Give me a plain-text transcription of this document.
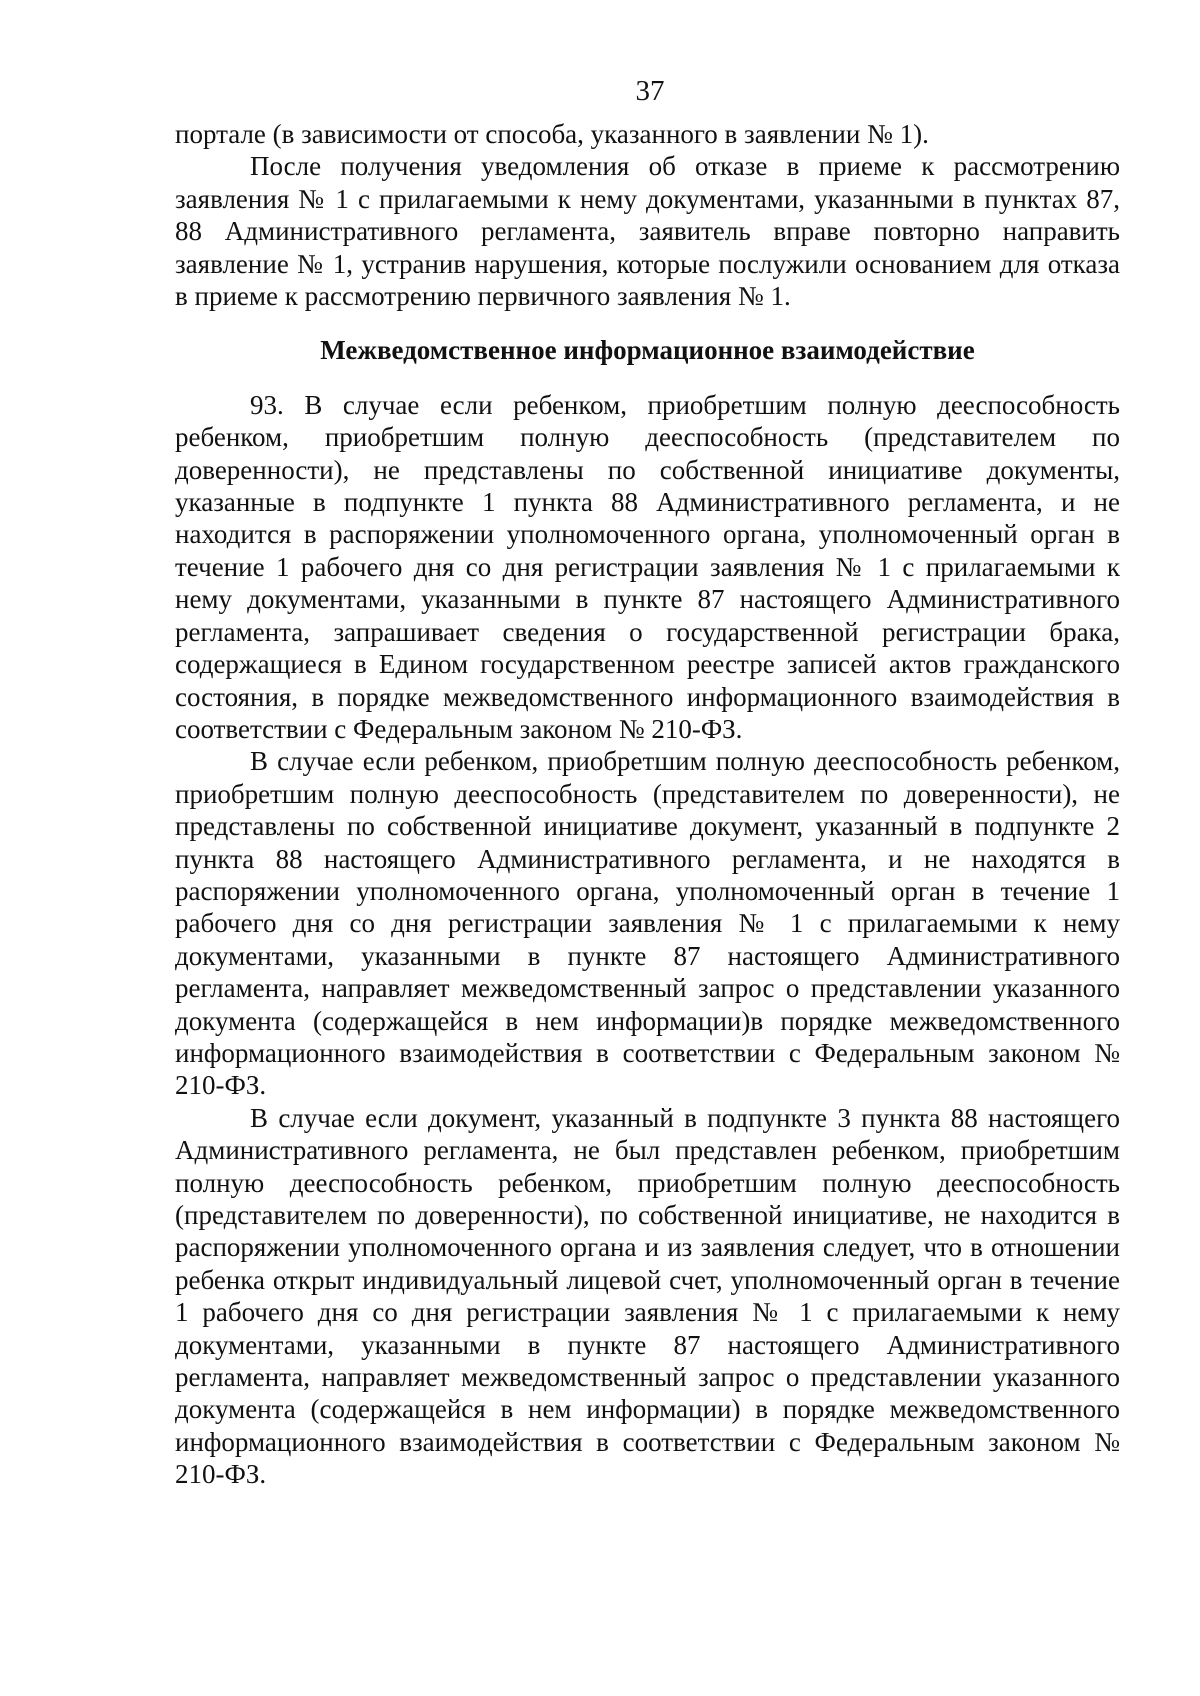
37

портале (в зависимости от способа, указанного в заявлении № 1).

После получения уведомления об отказе в приеме к рассмотрению заявления № 1 с прилагаемыми к нему документами, указанными в пунктах 87, 88 Административного регламента, заявитель вправе повторно направить заявление № 1, устранив нарушения, которые послужили основанием для отказа в приеме к рассмотрению первичного заявления № 1.

Межведомственное информационное взаимодействие

93. В случае если ребенком, приобретшим полную дееспособность ребенком, приобретшим полную дееспособность (представителем по доверенности), не представлены по собственной инициативе документы, указанные в подпункте 1 пункта 88 Административного регламента, и не находится в распоряжении уполномоченного органа, уполномоченный орган в течение 1 рабочего дня со дня регистрации заявления № 1 с прилагаемыми к нему документами, указанными в пункте 87 настоящего Административного регламента, запрашивает сведения о государственной регистрации брака, содержащиеся в Едином государственном реестре записей актов гражданского состояния, в порядке межведомственного информационного взаимодействия в соответствии с Федеральным законом № 210-ФЗ.

В случае если ребенком, приобретшим полную дееспособность ребенком, приобретшим полную дееспособность (представителем по доверенности), не представлены по собственной инициативе документ, указанный в подпункте 2 пункта 88 настоящего Административного регламента, и не находятся в распоряжении уполномоченного органа, уполномоченный орган в течение 1 рабочего дня со дня регистрации заявления № 1 с прилагаемыми к нему документами, указанными в пункте 87 настоящего Административного регламента, направляет межведомственный запрос о представлении указанного документа (содержащейся в нем информации)в порядке межведомственного информационного взаимодействия в соответствии с Федеральным законом № 210-ФЗ.

В случае если документ, указанный в подпункте 3 пункта 88 настоящего Административного регламента, не был представлен ребенком, приобретшим полную дееспособность ребенком, приобретшим полную дееспособность (представителем по доверенности), по собственной инициативе, не находится в распоряжении уполномоченного органа и из заявления следует, что в отношении ребенка открыт индивидуальный лицевой счет, уполномоченный орган в течение 1 рабочего дня со дня регистрации заявления № 1 с прилагаемыми к нему документами, указанными в пункте 87 настоящего Административного регламента, направляет межведомственный запрос о представлении указанного документа (содержащейся в нем информации) в порядке межведомственного информационного взаимодействия в соответствии с Федеральным законом № 210-ФЗ.
